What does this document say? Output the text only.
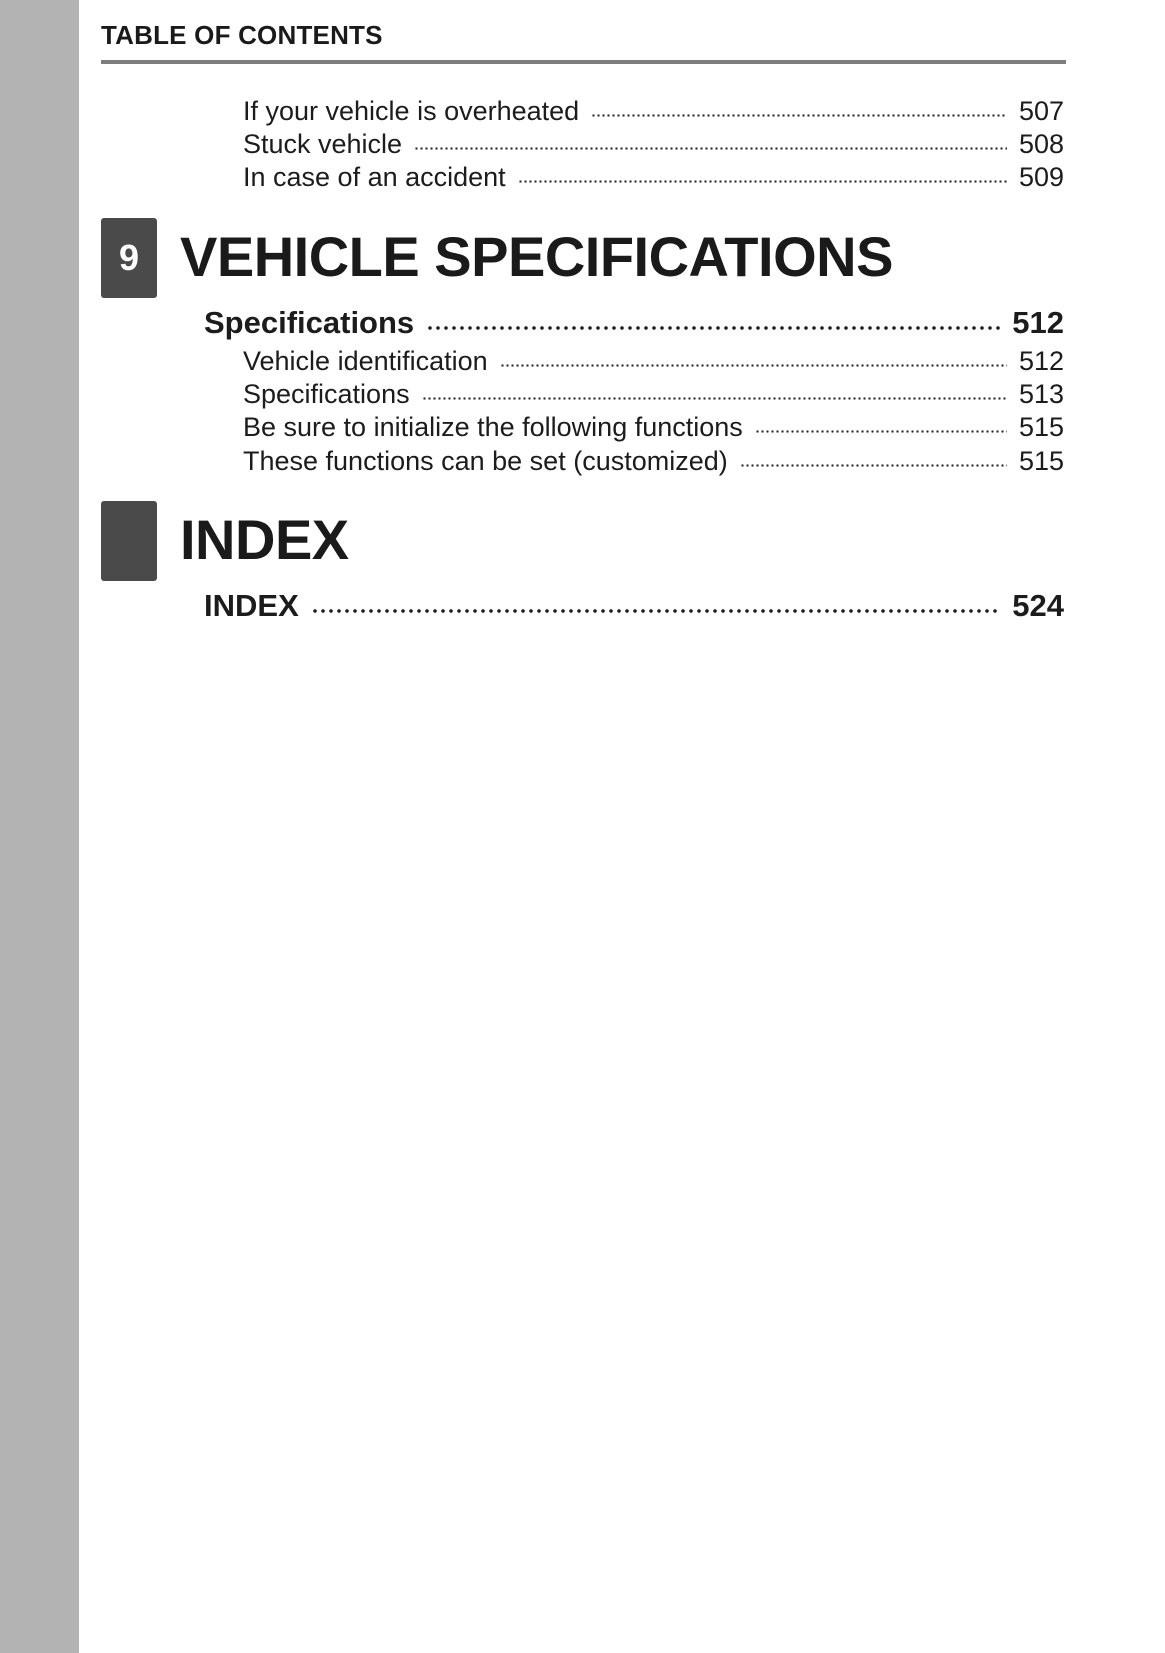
TABLE OF CONTENTS
If your vehicle is overheated	507
Stuck vehicle	508
In case of an accident	509
9 VEHICLE SPECIFICATIONS
Specifications	512
Vehicle identification	512
Specifications	513
Be sure to initialize the following functions	515
These functions can be set (customized)	515
INDEX
INDEX	524
